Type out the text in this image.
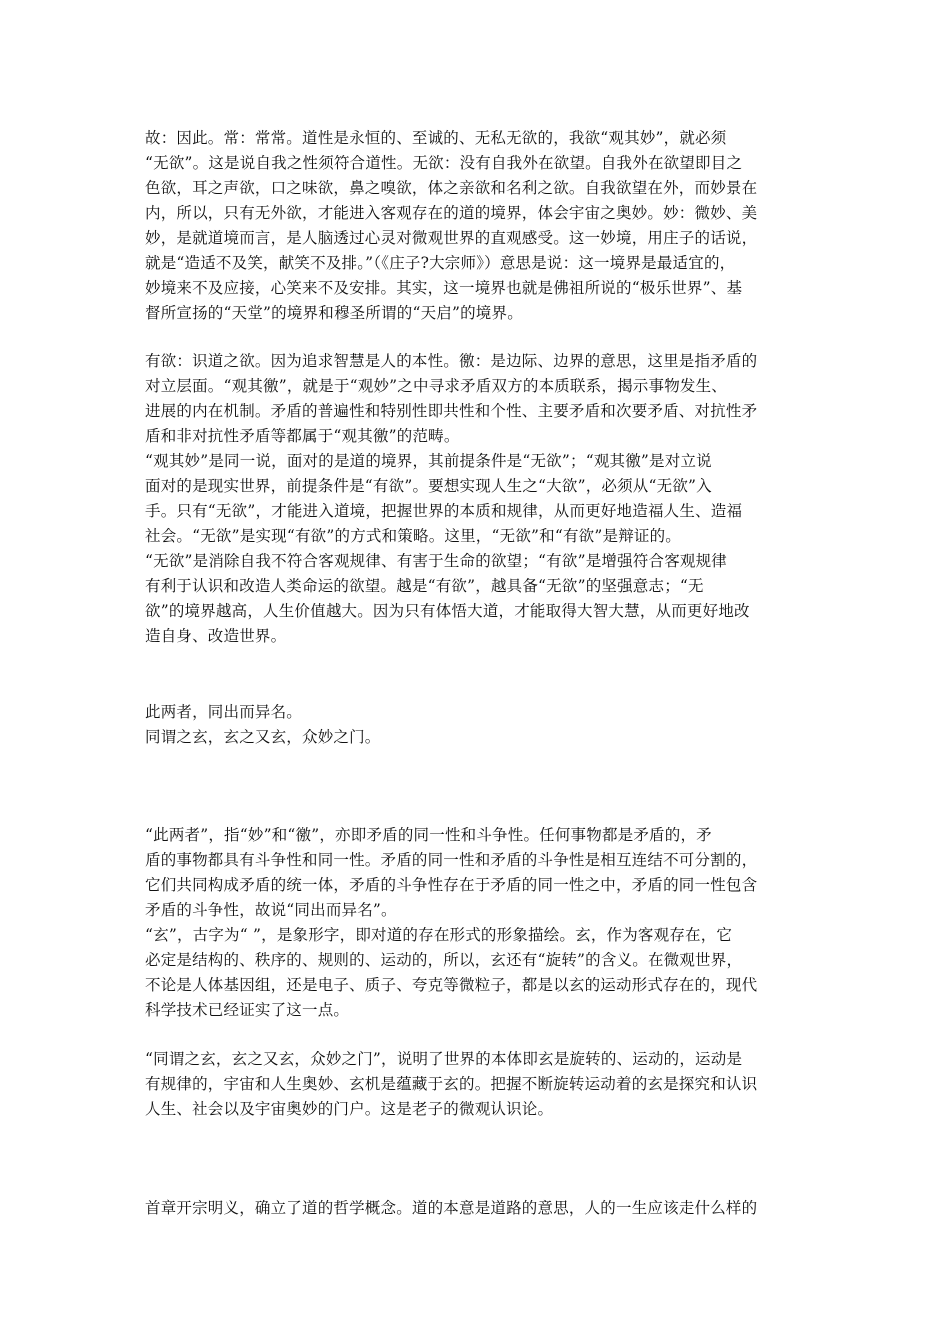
故：因此。常：常常。道性是永恒的、至诚的、无私无欲的，我欲“观其妙”，就必须
“无欲”。这是说自我之性须符合道性。无欲：没有自我外在欲望。自我外在欲望即目之
色欲，耳之声欲，口之味欲，鼻之嗅欲，体之亲欲和名利之欲。自我欲望在外，而妙景在
内，所以，只有无外欲，才能进入客观存在的道的境界，体会宇宙之奥妙。妙：微妙、美
妙，是就道境而言，是人脑透过心灵对微观世界的直观感受。这一妙境，用庄子的话说，
就是“造适不及笑，献笑不及排。”（《庄子?大宗师》）意思是说：这一境界是最适宜的，
妙境来不及应接，心笑来不及安排。其实，这一境界也就是佛祖所说的“极乐世界”、基
督所宣扬的“天堂”的境界和穆圣所谓的“天启”的境界。
有欲：识道之欲。因为追求智慧是人的本性。徼：是边际、边界的意思，这里是指矛盾的
对立层面。“观其徼”，就是于“观妙”之中寻求矛盾双方的本质联系，揭示事物发生、
进展的内在机制。矛盾的普遍性和特别性即共性和个性、主要矛盾和次要矛盾、对抗性矛
盾和非对抗性矛盾等都属于“观其徼”的范畴。
“观其妙”是同一说，面对的是道的境界，其前提条件是“无欲”；“观其徼”是对立说
面对的是现实世界，前提条件是“有欲”。要想实现人生之“大欲”，必须从“无欲”入
手。只有“无欲”，才能进入道境，把握世界的本质和规律，从而更好地造福人生、造福
社会。“无欲”是实现“有欲”的方式和策略。这里，“无欲”和“有欲”是辩证的。
“无欲”是消除自我不符合客观规律、有害于生命的欲望；“有欲”是增强符合客观规律
有利于认识和改造人类命运的欲望。越是“有欲”，越具备“无欲”的坚强意志；“无
欲”的境界越高，人生价值越大。因为只有体悟大道，才能取得大智大慧，从而更好地改
造自身、改造世界。
此两者，同出而异名。
同谓之玄，玄之又玄，众妙之门。
“此两者”，指“妙”和“徼”，亦即矛盾的同一性和斗争性。任何事物都是矛盾的，矛
盾的事物都具有斗争性和同一性。矛盾的同一性和矛盾的斗争性是相互连结不可分割的，
它们共同构成矛盾的统一体，矛盾的斗争性存在于矛盾的同一性之中，矛盾的同一性包含
矛盾的斗争性，故说“同出而异名”。
“玄”，古字为“ ”，是象形字，即对道的存在形式的形象描绘。玄，作为客观存在，它
必定是结构的、秩序的、规则的、运动的，所以，玄还有“旋转”的含义。在微观世界，
不论是人体基因组，还是电子、质子、夸克等微粒子，都是以玄的运动形式存在的，现代
科学技术已经证实了这一点。
“同谓之玄，玄之又玄，众妙之门”，说明了世界的本体即玄是旋转的、运动的，运动是
有规律的，宇宙和人生奥妙、玄机是蕴藏于玄的。把握不断旋转运动着的玄是探究和认识
人生、社会以及宇宙奥妙的门户。这是老子的微观认识论。
首章开宗明义，确立了道的哲学概念。道的本意是道路的意思，人的一生应该走什么样的
